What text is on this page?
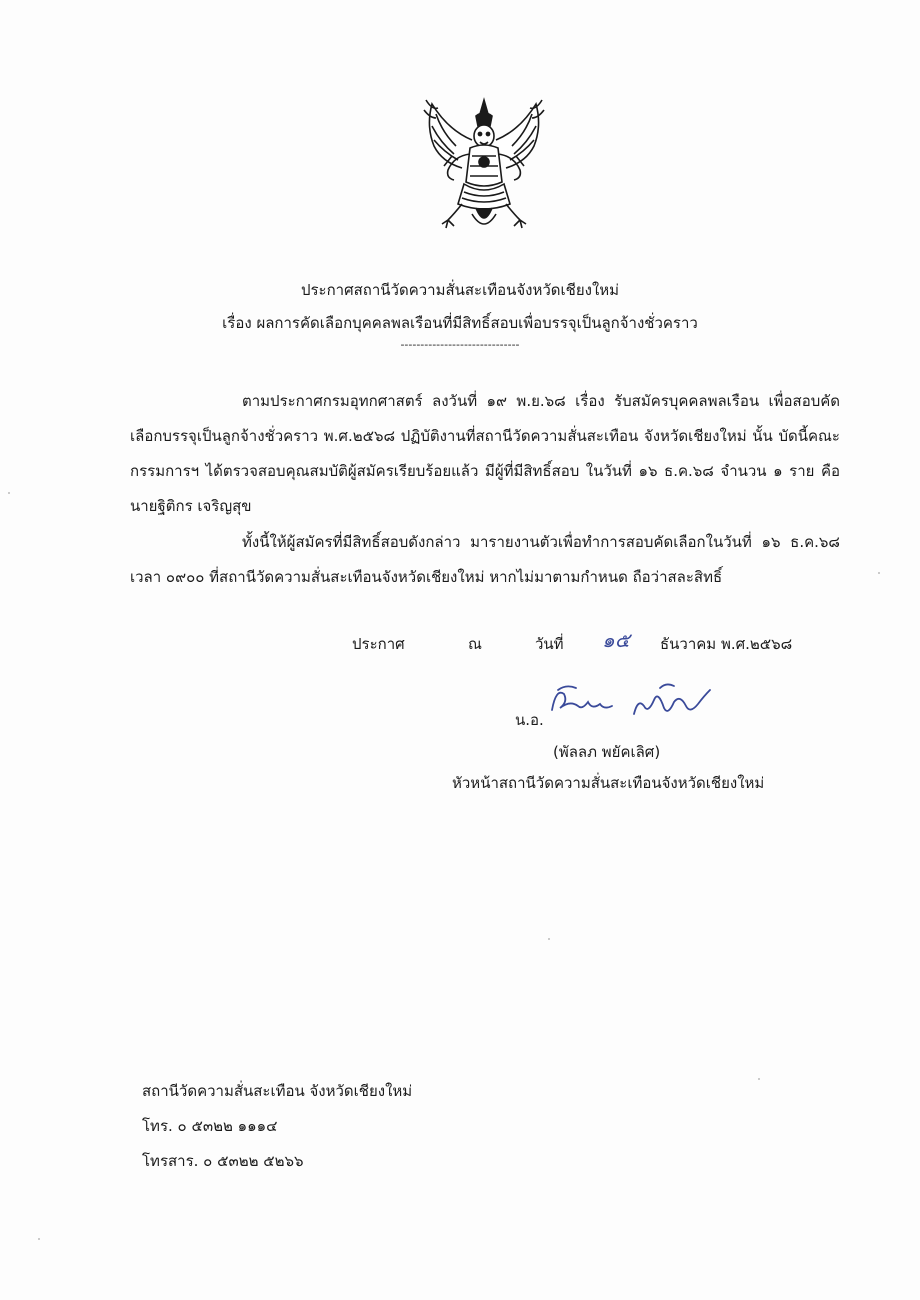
ประกาศสถานีวัดความสั่นสะเทือนจังหวัดเชียงใหม่
เรื่อง ผลการคัดเลือกบุคคลพลเรือนที่มีสิทธิ์สอบเพื่อบรรจุเป็นลูกจ้างชั่วคราว
------------------------------

ตามประกาศกรมอุทกศาสตร์ ลงวันที่ ๑๙ พ.ย.๖๘ เรื่อง รับสมัครบุคคลพลเรือน เพื่อสอบคัดเลือกบรรจุเป็นลูกจ้างชั่วคราว พ.ศ.๒๕๖๘ ปฏิบัติงานที่สถานีวัดความสั่นสะเทือน จังหวัดเชียงใหม่ นั้น บัดนี้คณะกรรมการฯ ได้ตรวจสอบคุณสมบัติผู้สมัครเรียบร้อยแล้ว มีผู้ที่มีสิทธิ์สอบ ในวันที่ ๑๖ ธ.ค.๖๘ จำนวน ๑ ราย คือ นายฐิติกร เจริญสุข

ทั้งนี้ให้ผู้สมัครที่มีสิทธิ์สอบดังกล่าว มารายงานตัวเพื่อทำการสอบคัดเลือกในวันที่ ๑๖ ธ.ค.๖๘ เวลา ๐๙๐๐ ที่สถานีวัดความสั่นสะเทือนจังหวัดเชียงใหม่ หากไม่มาตามกำหนด ถือว่าสละสิทธิ์

ประกาศ	ณ	วันที่ ๑๕ ธันวาคม พ.ศ.๒๕๖๘
น.อ.
(พัลลภ พยัคเลิศ)
หัวหน้าสถานีวัดความสั่นสะเทือนจังหวัดเชียงใหม่
สถานีวัดความสั่นสะเทือน จังหวัดเชียงใหม่
โทร. ๐ ๕๓๒๒ ๑๑๑๔
โทรสาร. ๐ ๕๓๒๒ ๕๒๖๖
